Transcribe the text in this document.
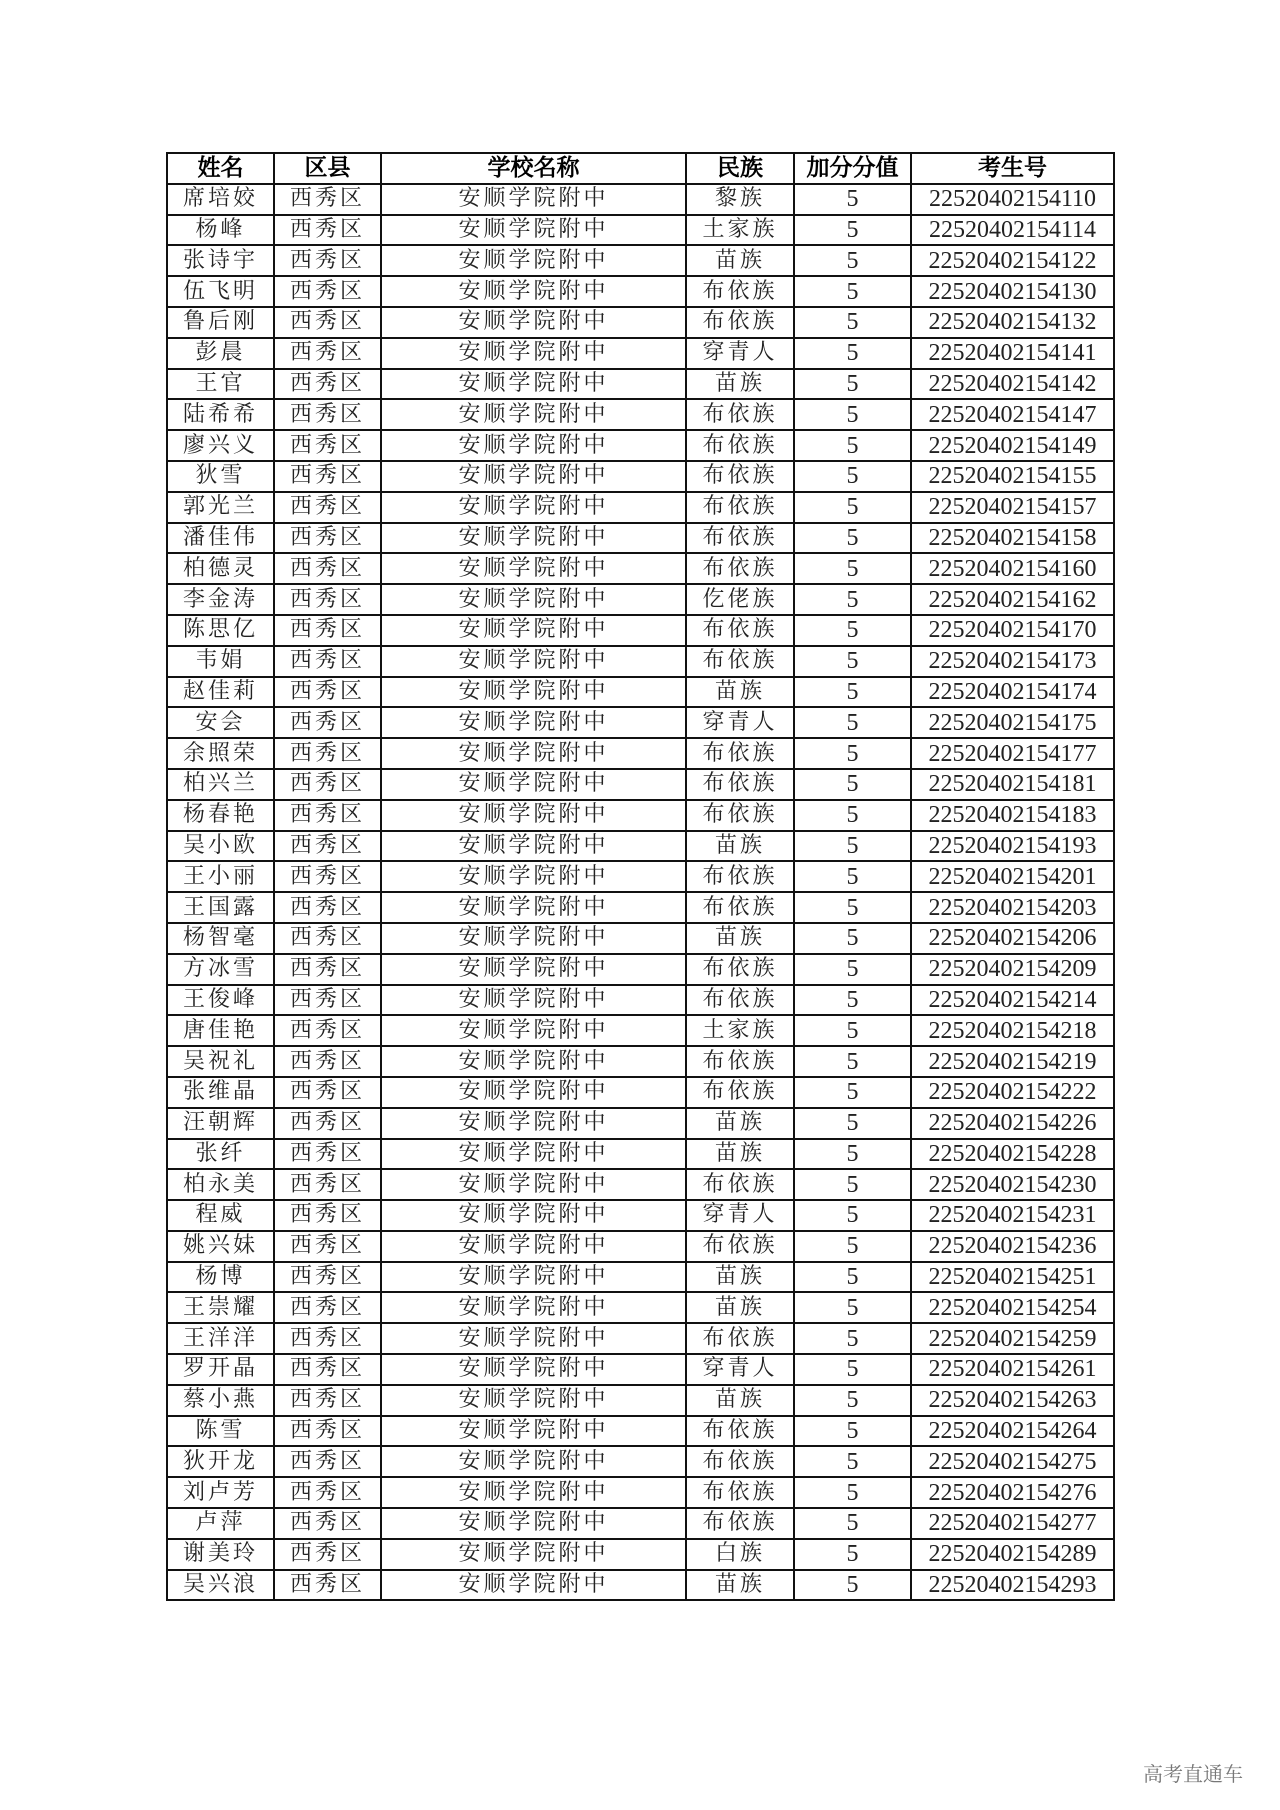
姓名	区县	学校名称	民族	加分分值	考生号
席培姣	西秀区	安顺学院附中	黎族	5	22520402154110
杨峰	西秀区	安顺学院附中	土家族	5	22520402154114
张诗宇	西秀区	安顺学院附中	苗族	5	22520402154122
伍飞明	西秀区	安顺学院附中	布依族	5	22520402154130
鲁后刚	西秀区	安顺学院附中	布依族	5	22520402154132
彭晨	西秀区	安顺学院附中	穿青人	5	22520402154141
王官	西秀区	安顺学院附中	苗族	5	22520402154142
陆希希	西秀区	安顺学院附中	布依族	5	22520402154147
廖兴义	西秀区	安顺学院附中	布依族	5	22520402154149
狄雪	西秀区	安顺学院附中	布依族	5	22520402154155
郭光兰	西秀区	安顺学院附中	布依族	5	22520402154157
潘佳伟	西秀区	安顺学院附中	布依族	5	22520402154158
柏德灵	西秀区	安顺学院附中	布依族	5	22520402154160
李金涛	西秀区	安顺学院附中	仡佬族	5	22520402154162
陈思亿	西秀区	安顺学院附中	布依族	5	22520402154170
韦娟	西秀区	安顺学院附中	布依族	5	22520402154173
赵佳莉	西秀区	安顺学院附中	苗族	5	22520402154174
安会	西秀区	安顺学院附中	穿青人	5	22520402154175
余照荣	西秀区	安顺学院附中	布依族	5	22520402154177
柏兴兰	西秀区	安顺学院附中	布依族	5	22520402154181
杨春艳	西秀区	安顺学院附中	布依族	5	22520402154183
吴小欧	西秀区	安顺学院附中	苗族	5	22520402154193
王小丽	西秀区	安顺学院附中	布依族	5	22520402154201
王国露	西秀区	安顺学院附中	布依族	5	22520402154203
杨智毫	西秀区	安顺学院附中	苗族	5	22520402154206
方冰雪	西秀区	安顺学院附中	布依族	5	22520402154209
王俊峰	西秀区	安顺学院附中	布依族	5	22520402154214
唐佳艳	西秀区	安顺学院附中	土家族	5	22520402154218
吴祝礼	西秀区	安顺学院附中	布依族	5	22520402154219
张维晶	西秀区	安顺学院附中	布依族	5	22520402154222
汪朝辉	西秀区	安顺学院附中	苗族	5	22520402154226
张纤	西秀区	安顺学院附中	苗族	5	22520402154228
柏永美	西秀区	安顺学院附中	布依族	5	22520402154230
程威	西秀区	安顺学院附中	穿青人	5	22520402154231
姚兴妹	西秀区	安顺学院附中	布依族	5	22520402154236
杨博	西秀区	安顺学院附中	苗族	5	22520402154251
王崇耀	西秀区	安顺学院附中	苗族	5	22520402154254
王洋洋	西秀区	安顺学院附中	布依族	5	22520402154259
罗开晶	西秀区	安顺学院附中	穿青人	5	22520402154261
蔡小燕	西秀区	安顺学院附中	苗族	5	22520402154263
陈雪	西秀区	安顺学院附中	布依族	5	22520402154264
狄开龙	西秀区	安顺学院附中	布依族	5	22520402154275
刘卢芳	西秀区	安顺学院附中	布依族	5	22520402154276
卢萍	西秀区	安顺学院附中	布依族	5	22520402154277
谢美玲	西秀区	安顺学院附中	白族	5	22520402154289
吴兴浪	西秀区	安顺学院附中	苗族	5	22520402154293
高考直通车
